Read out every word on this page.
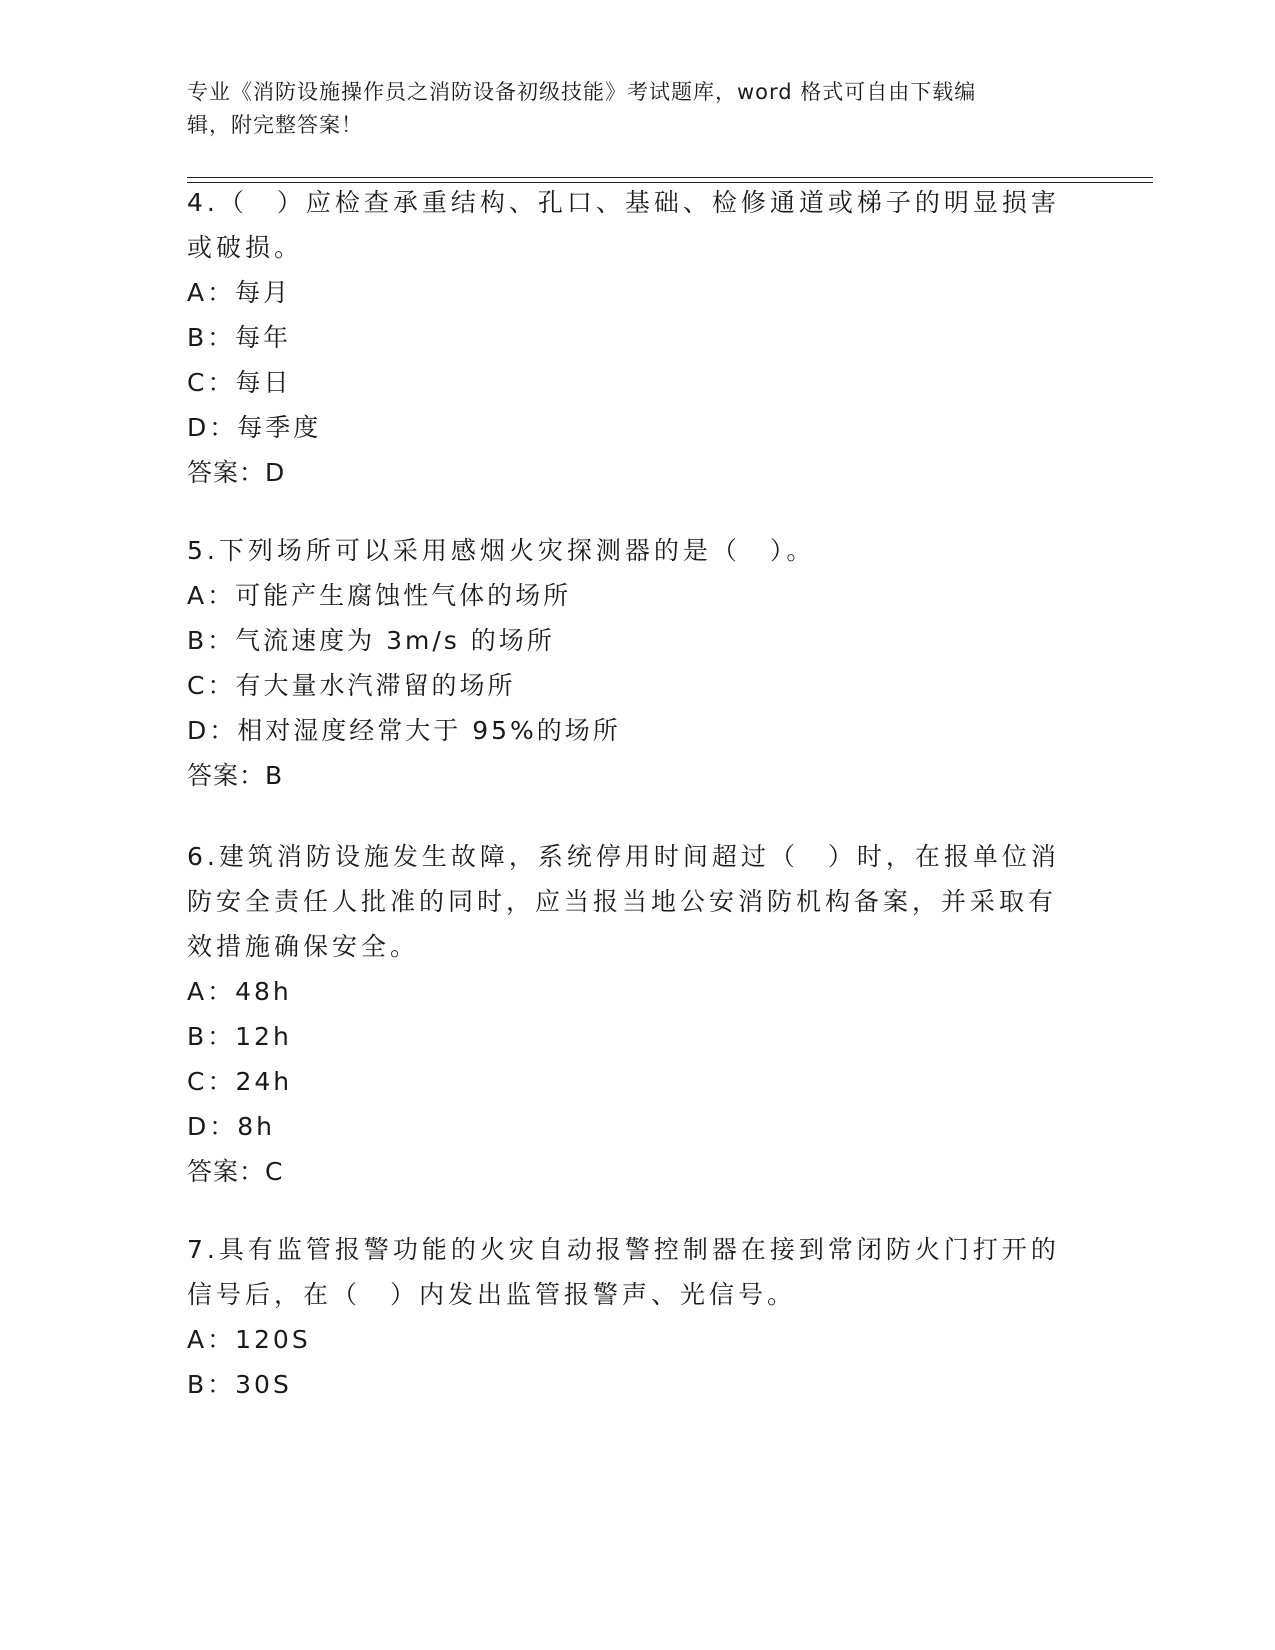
专业《消防设施操作员之消防设备初级技能》考试题库，word 格式可自由下载编
辑，附完整答案！
4.（　）应检查承重结构、孔口、基础、检修通道或梯子的明显损害
或破损。
A：每月
B：每年
C：每日
D：每季度
答案：D
5.下列场所可以采用感烟火灾探测器的是（　）。
A：可能产生腐蚀性气体的场所
B：气流速度为 3m/s 的场所
C：有大量水汽滞留的场所
D：相对湿度经常大于 95%的场所
答案：B
6.建筑消防设施发生故障，系统停用时间超过（　）时，在报单位消
防安全责任人批准的同时，应当报当地公安消防机构备案，并采取有
效措施确保安全。
A：48h
B：12h
C：24h
D：8h
答案：C
7.具有监管报警功能的火灾自动报警控制器在接到常闭防火门打开的
信号后，在（　）内发出监管报警声、光信号。
A：120S
B：30S
